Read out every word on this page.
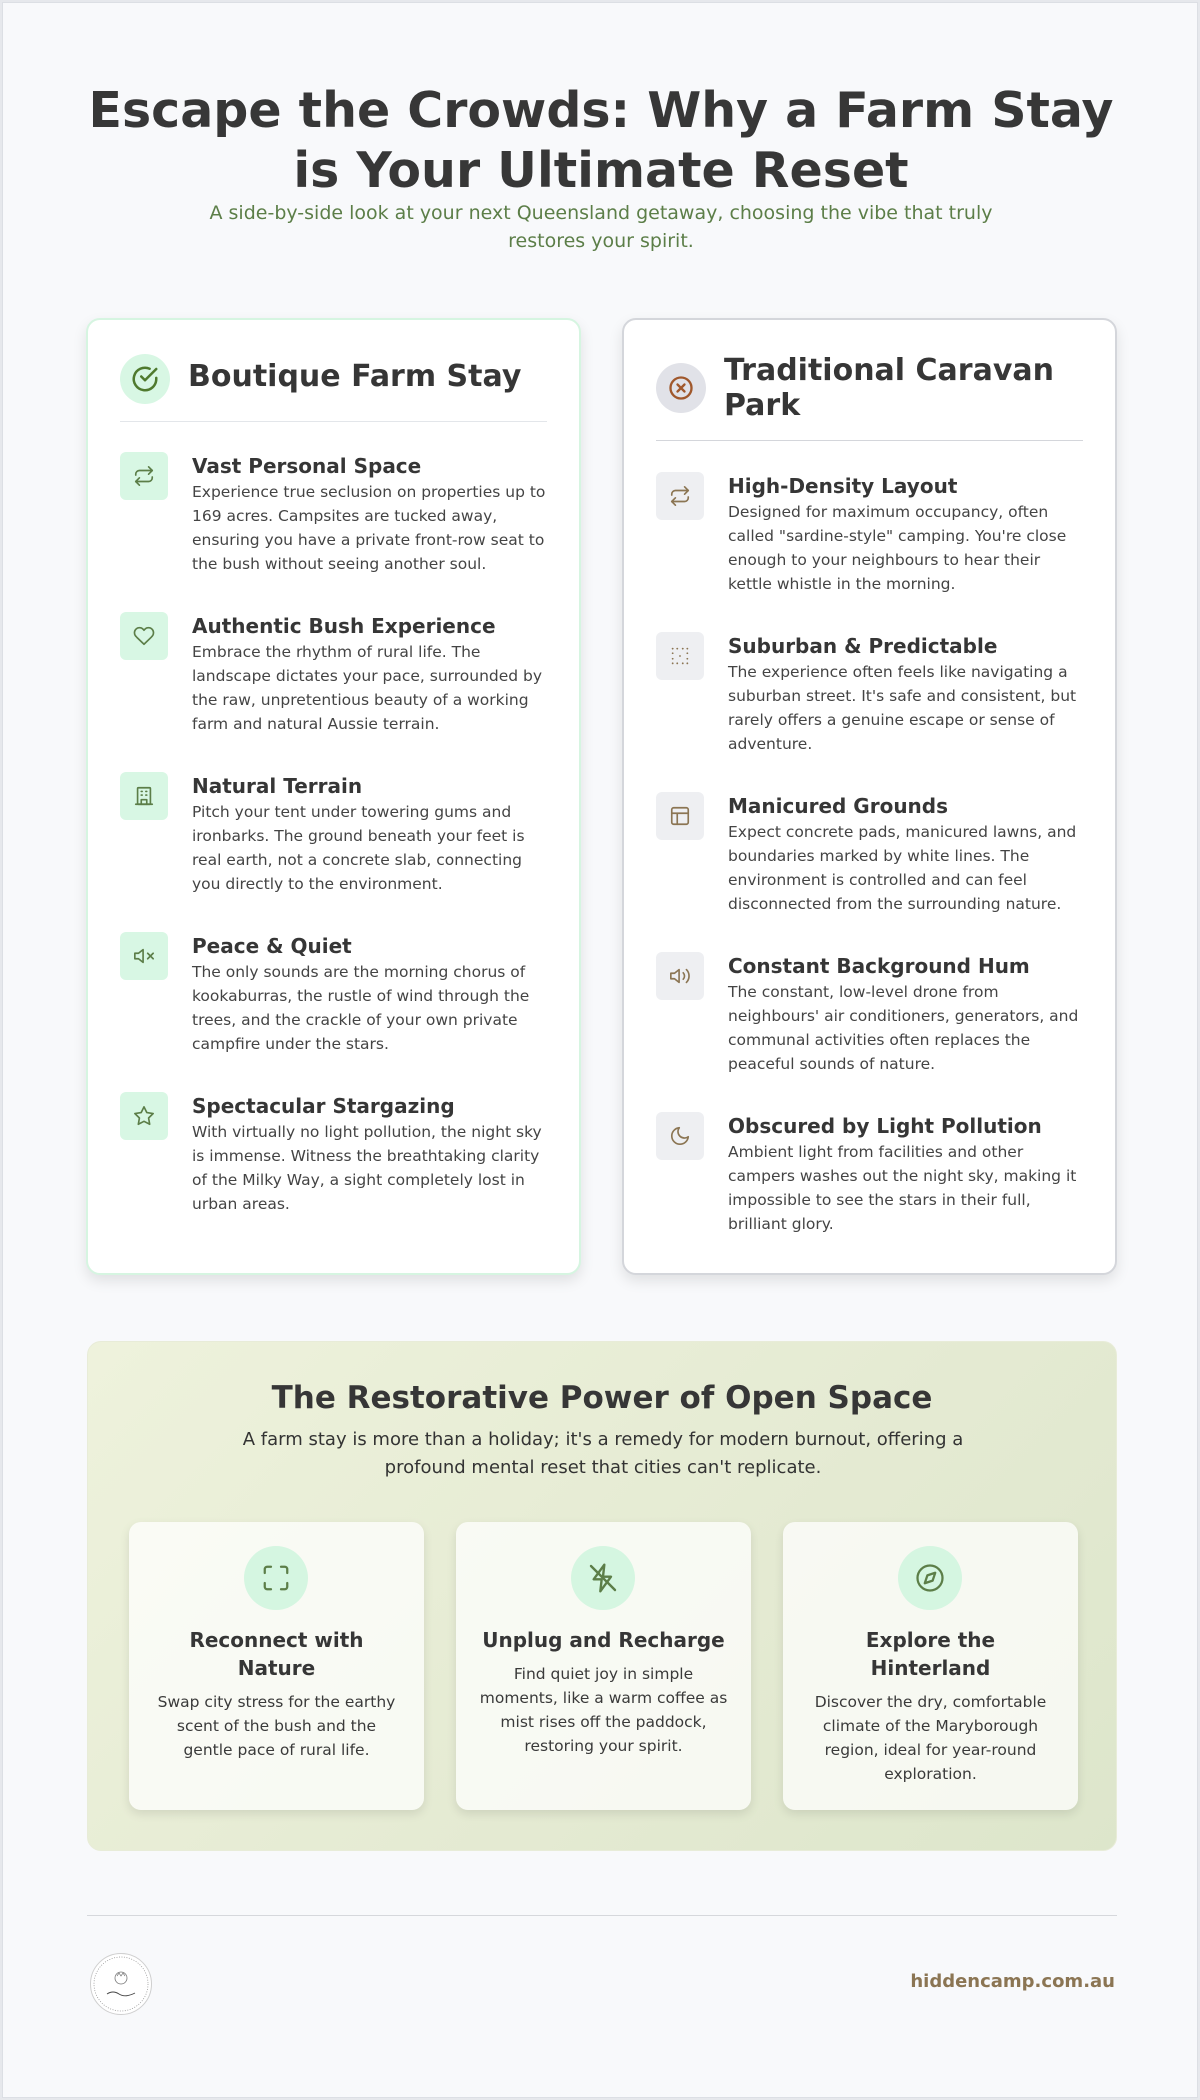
Escape the Crowds: Why a Farm Stay is Your Ultimate Reset

A side-by-side look at your next Queensland getaway, choosing the vibe that truly restores your spirit.

Boutique Farm Stay
Vast Personal Space
Experience true seclusion on properties up to 169 acres. Campsites are tucked away, ensuring you have a private front-row seat to the bush without seeing another soul.
Authentic Bush Experience
Embrace the rhythm of rural life. The landscape dictates your pace, surrounded by the raw, unpretentious beauty of a working farm and natural Aussie terrain.
Natural Terrain
Pitch your tent under towering gums and ironbarks. The ground beneath your feet is real earth, not a concrete slab, connecting you directly to the environment.
Peace & Quiet
The only sounds are the morning chorus of kookaburras, the rustle of wind through the trees, and the crackle of your own private campfire under the stars.
Spectacular Stargazing
With virtually no light pollution, the night sky is immense. Witness the breathtaking clarity of the Milky Way, a sight completely lost in urban areas.
Traditional Caravan Park
High-Density Layout
Designed for maximum occupancy, often called "sardine-style" camping. You're close enough to your neighbours to hear their kettle whistle in the morning.
Suburban & Predictable
The experience often feels like navigating a suburban street. It's safe and consistent, but rarely offers a genuine escape or sense of adventure.
Manicured Grounds
Expect concrete pads, manicured lawns, and boundaries marked by white lines. The environment is controlled and can feel disconnected from the surrounding nature.
Constant Background Hum
The constant, low-level drone from neighbours' air conditioners, generators, and communal activities often replaces the peaceful sounds of nature.
Obscured by Light Pollution
Ambient light from facilities and other campers washes out the night sky, making it impossible to see the stars in their full, brilliant glory.
The Restorative Power of Open Space

A farm stay is more than a holiday; it's a remedy for modern burnout, offering a profound mental reset that cities can't replicate.

Reconnect with Nature
Swap city stress for the earthy scent of the bush and the gentle pace of rural life.
Unplug and Recharge
Find quiet joy in simple moments, like a warm coffee as mist rises off the paddock, restoring your spirit.
Explore the Hinterland
Discover the dry, comfortable climate of the Maryborough region, ideal for year-round exploration.
hiddencamp.com.au
